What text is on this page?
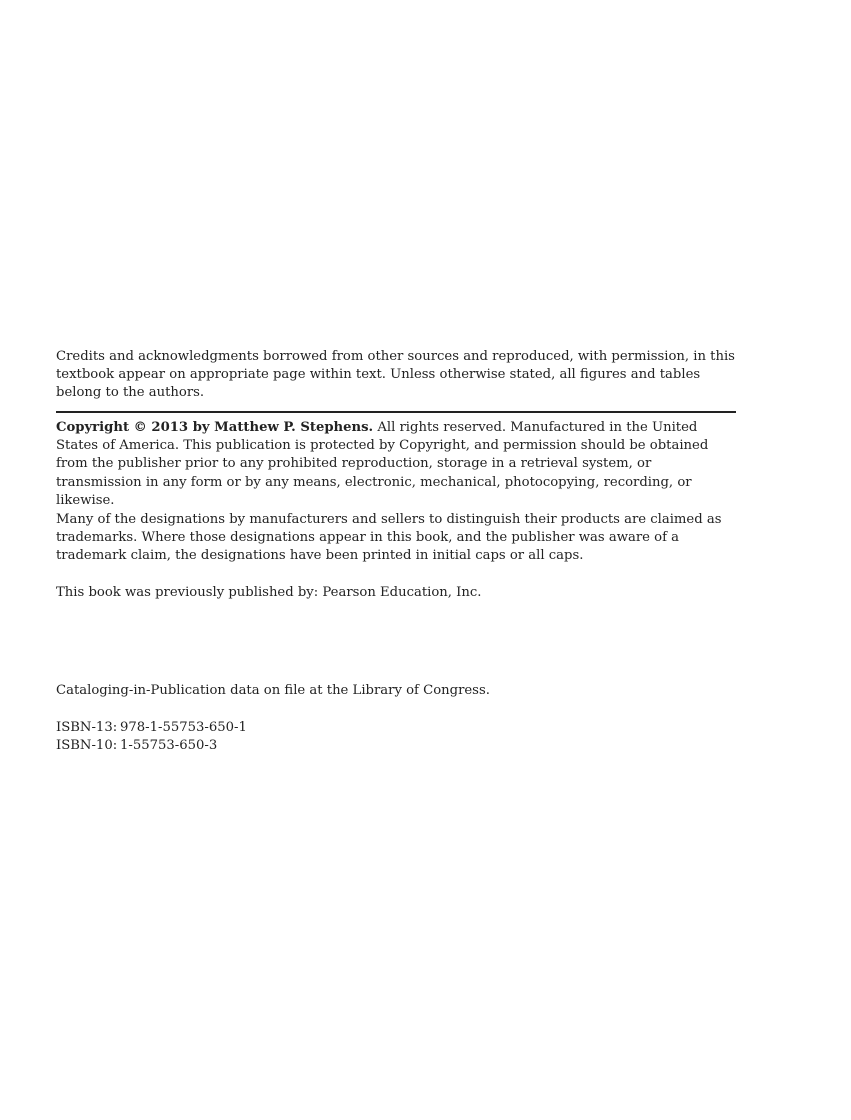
Credits and acknowledgments borrowed from other sources and reproduced, with permission, in this textbook appear on appropriate page within text. Unless otherwise stated, all figures and tables belong to the authors.

Copyright © 2013 by Matthew P. Stephens. All rights reserved. Manufactured in the United States of America. This publication is protected by Copyright, and permission should be obtained from the publisher prior to any prohibited reproduction, storage in a retrieval system, or transmission in any form or by any means, electronic, mechanical, photocopying, recording, or likewise.

Many of the designations by manufacturers and sellers to distinguish their products are claimed as trademarks. Where those designations appear in this book, and the publisher was aware of a trademark claim, the designations have been printed in initial caps or all caps.

This book was previously published by: Pearson Education, Inc.

Cataloging-in-Publication data on file at the Library of Congress.

ISBN-13: 978-1-55753-650-1

ISBN-10: 1-55753-650-3
